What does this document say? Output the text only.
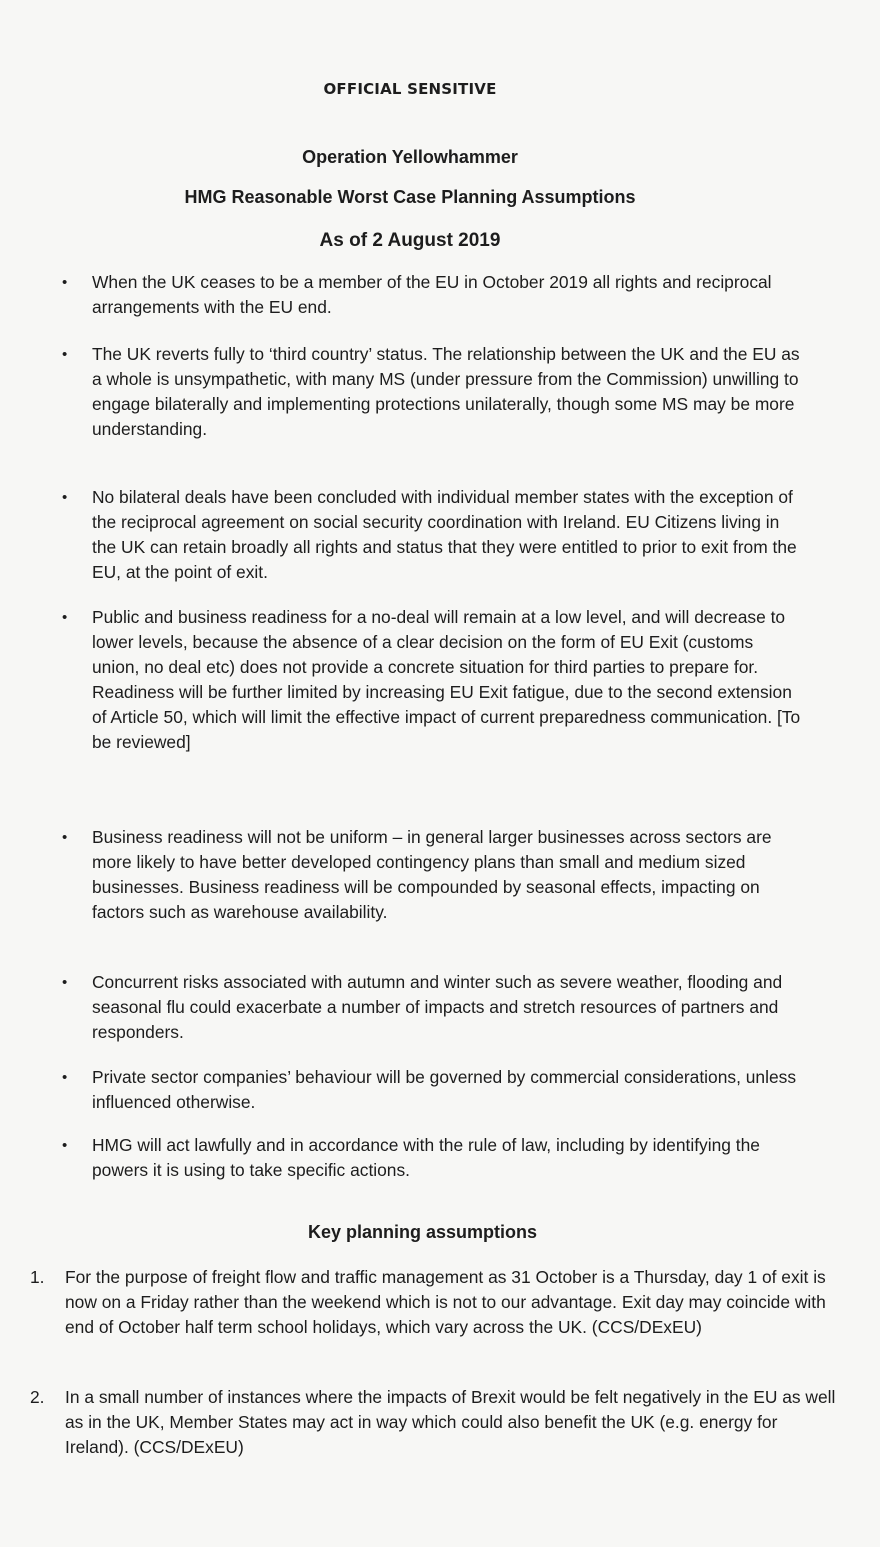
OFFICIAL SENSITIVE
Operation Yellowhammer
HMG Reasonable Worst Case Planning Assumptions
As of 2 August 2019
• When the UK ceases to be a member of the EU in October 2019 all rights and reciprocal arrangements with the EU end.
• The UK reverts fully to ‘third country’ status. The relationship between the UK and the EU as a whole is unsympathetic, with many MS (under pressure from the Commission) unwilling to engage bilaterally and implementing protections unilaterally, though some MS may be more understanding.
• No bilateral deals have been concluded with individual member states with the exception of the reciprocal agreement on social security coordination with Ireland. EU Citizens living in the UK can retain broadly all rights and status that they were entitled to prior to exit from the EU, at the point of exit.
• Public and business readiness for a no-deal will remain at a low level, and will decrease to lower levels, because the absence of a clear decision on the form of EU Exit (customs union, no deal etc) does not provide a concrete situation for third parties to prepare for. Readiness will be further limited by increasing EU Exit fatigue, due to the second extension of Article 50, which will limit the effective impact of current preparedness communication. [To be reviewed]
• Business readiness will not be uniform – in general larger businesses across sectors are more likely to have better developed contingency plans than small and medium sized businesses. Business readiness will be compounded by seasonal effects, impacting on factors such as warehouse availability.
• Concurrent risks associated with autumn and winter such as severe weather, flooding and seasonal flu could exacerbate a number of impacts and stretch resources of partners and responders.
• Private sector companies’ behaviour will be governed by commercial considerations, unless influenced otherwise.
• HMG will act lawfully and in accordance with the rule of law, including by identifying the powers it is using to take specific actions.
Key planning assumptions
1. For the purpose of freight flow and traffic management as 31 October is a Thursday, day 1 of exit is now on a Friday rather than the weekend which is not to our advantage. Exit day may coincide with end of October half term school holidays, which vary across the UK. (CCS/DExEU)
2. In a small number of instances where the impacts of Brexit would be felt negatively in the EU as well as in the UK, Member States may act in way which could also benefit the UK (e.g. energy for Ireland). (CCS/DExEU)
